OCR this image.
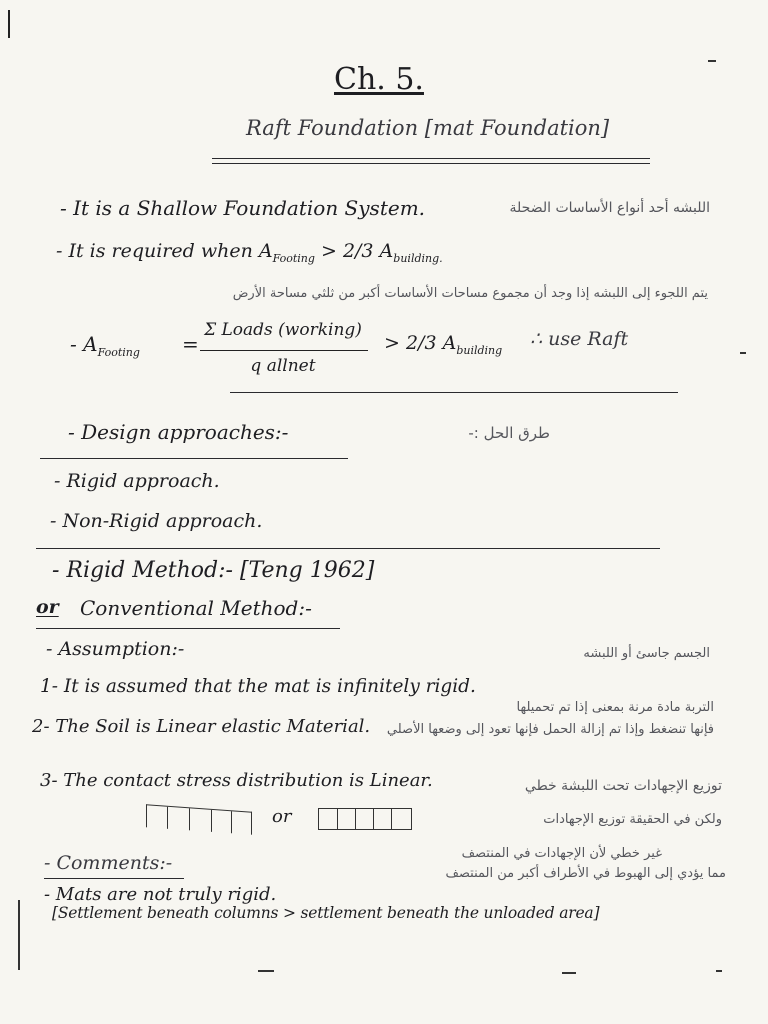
Ch. 5.
Raft Foundation [mat Foundation]
- It is a Shallow Foundation System.	اللبشه أحد أنواع الأساسات الضحلة
- It is required when $A_{Footing} > 2/3$ $A_{building.}$
يتم اللجوء إلى اللبشه إذا وجد أن مجموع مساحات الأساسات أكبر من ثلثي مساحة الأرض
- $A_{Footing}$ =
Σ Loads (working)
q allnet
> 2/3 $A_{building}$
∴ use Raft
- Design approaches:-	طرق الحل :-
- Rigid approach.
- Non-Rigid approach.
- Rigid Method:- [Teng 1962]
or Conventional Method:-
- Assumption:-	الجسم جاسئ أو اللبشه
1- It is assumed that the mat is infinitely rigid.
2- The Soil is Linear elastic Material.
التربة مادة مرنة بمعنى إذا تم تحميلها
فإنها تنضغط وإذا تم إزالة الحمل فإنها تعود إلى وضعها الأصلي
3- The contact stress distribution is Linear.	توزيع الإجهادات تحت اللبشة خطي
or	ولكن في الحقيقة توزيع الإجهادات
- Comments:-	غير خطي لأن الإجهادات في المنتصف
مما يؤدي إلى الهبوط في الأطراف أكبر من المنتصف
- Mats are not truly rigid.
[Settlement beneath columns > settlement beneath the unloaded area]
